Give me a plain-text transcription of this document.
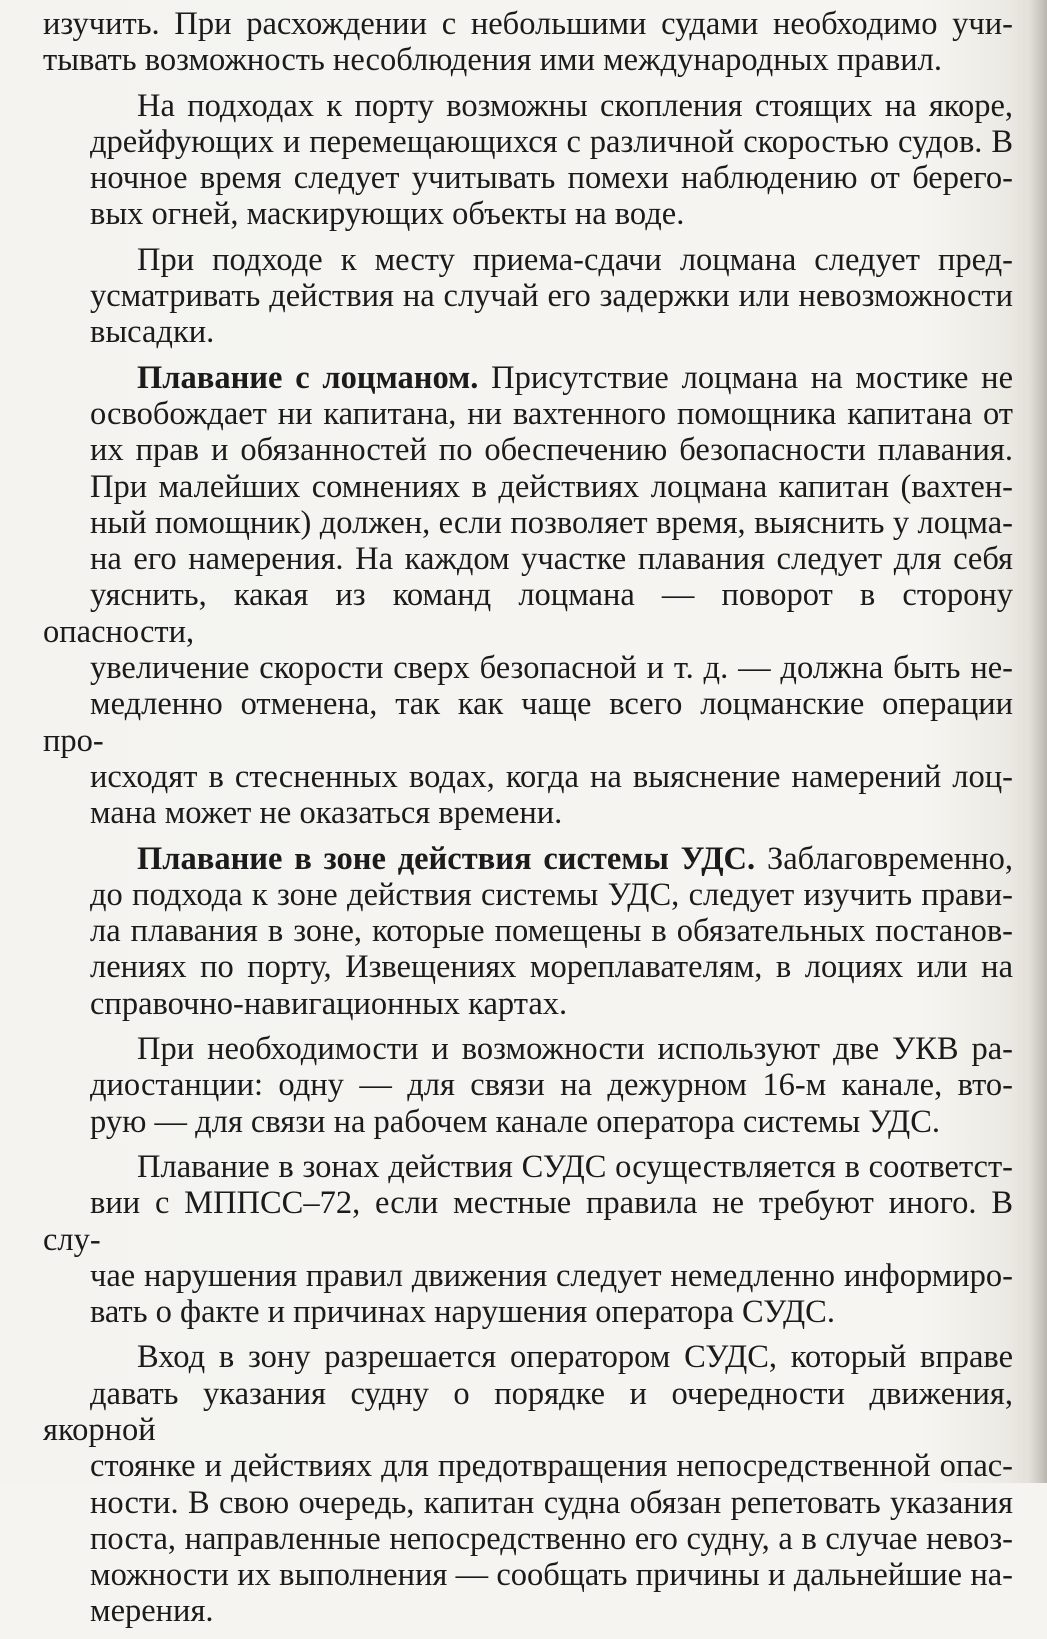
изучить. При расхождении с небольшими судами необходимо учи-
тывать возможность несоблюдения ими международных правил.
На подходах к порту возможны скопления стоящих на якоре,
дрейфующих и перемещающихся с различной скоростью судов. В
ночное время следует учитывать помехи наблюдению от берего-
вых огней, маскирующих объекты на воде.
При подходе к месту приема-сдачи лоцмана следует пред-
усматривать действия на случай его задержки или невозможности
высадки.
Плавание с лоцманом. Присутствие лоцмана на мостике не
освобождает ни капитана, ни вахтенного помощника капитана от
их прав и обязанностей по обеспечению безопасности плавания.
При малейших сомнениях в действиях лоцмана капитан (вахтен-
ный помощник) должен, если позволяет время, выяснить у лоцма-
на его намерения. На каждом участке плавания следует для себя
уяснить, какая из команд лоцмана — поворот в сторону опасности,
увеличение скорости сверх безопасной и т. д. — должна быть не-
медленно отменена, так как чаще всего лоцманские операции про-
исходят в стесненных водах, когда на выяснение намерений лоц-
мана может не оказаться времени.
Плавание в зоне действия системы УДС. Заблаговременно,
до подхода к зоне действия системы УДС, следует изучить прави-
ла плавания в зоне, которые помещены в обязательных постанов-
лениях по порту, Извещениях мореплавателям, в лоциях или на
справочно-навигационных картах.
При необходимости и возможности используют две УКВ ра-
диостанции: одну — для связи на дежурном 16-м канале, вто-
рую — для связи на рабочем канале оператора системы УДС.
Плавание в зонах действия СУДС осуществляется в соответст-
вии с МППСС–72, если местные правила не требуют иного. В слу-
чае нарушения правил движения следует немедленно информиро-
вать о факте и причинах нарушения оператора СУДС.
Вход в зону разрешается оператором СУДС, который вправе
давать указания судну о порядке и очередности движения, якорной
стоянке и действиях для предотвращения непосредственной опас-
ности. В свою очередь, капитан судна обязан репетовать указания
поста, направленные непосредственно его судну, а в случае невоз-
можности их выполнения — сообщать причины и дальнейшие на-
мерения.
